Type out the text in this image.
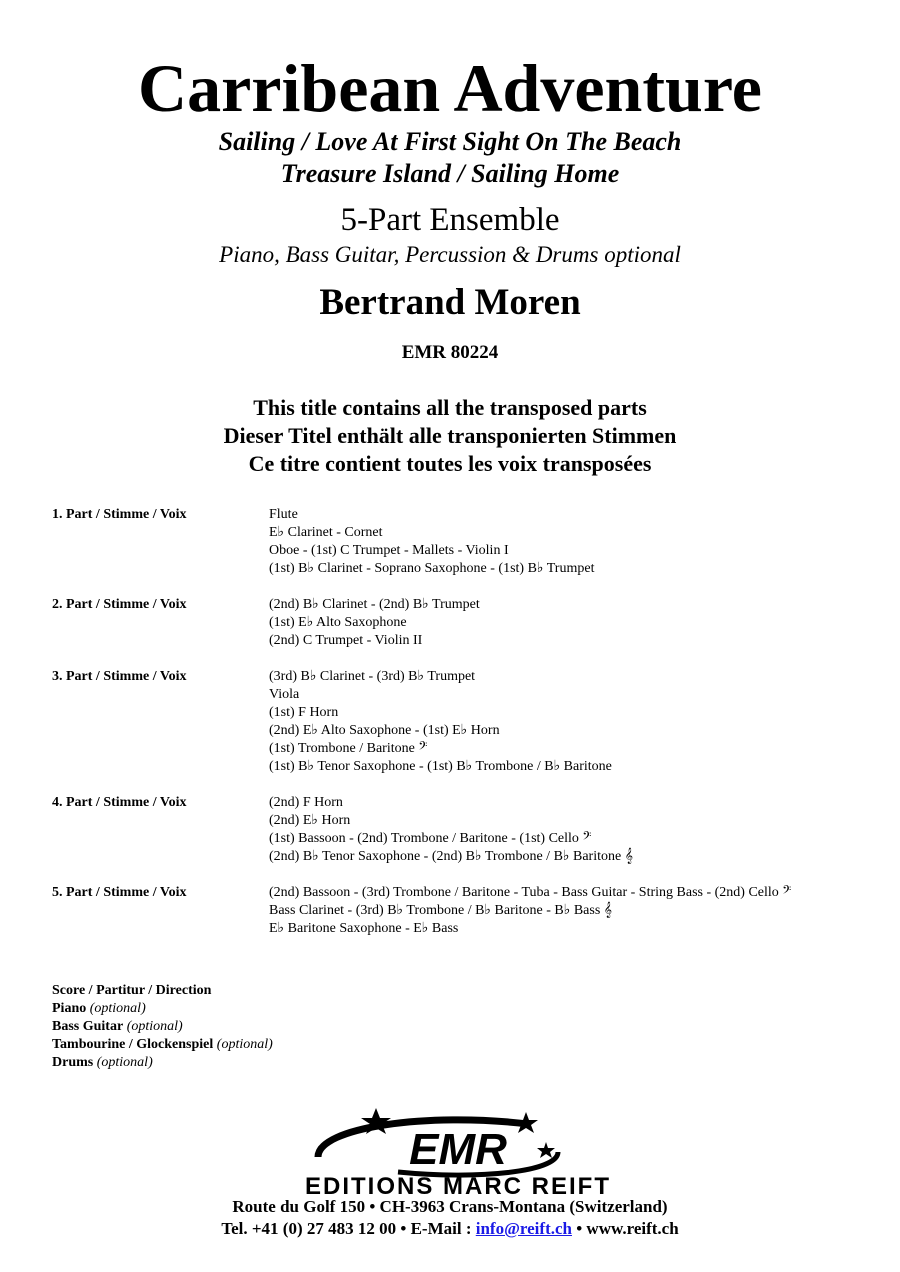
Carribean Adventure
Sailing / Love At First Sight On The Beach
Treasure Island / Sailing Home
5-Part Ensemble
Piano, Bass Guitar, Percussion & Drums optional
Bertrand Moren
EMR 80224
This title contains all the transposed parts
Dieser Titel enthält alle transponierten Stimmen
Ce titre contient toutes les voix transposées
1. Part / Stimme / Voix	Flute
E♭ Clarinet - Cornet
Oboe - (1st) C Trumpet - Mallets - Violin I
(1st) B♭ Clarinet - Soprano Saxophone - (1st) B♭ Trumpet
2. Part / Stimme / Voix	(2nd) B♭ Clarinet - (2nd) B♭ Trumpet
(1st) E♭ Alto Saxophone
(2nd) C Trumpet - Violin II
3. Part / Stimme / Voix	(3rd) B♭ Clarinet - (3rd) B♭ Trumpet
Viola
(1st) F Horn
(2nd) E♭ Alto Saxophone - (1st) E♭ Horn
(1st) Trombone / Baritone 𝄢
(1st) B♭ Tenor Saxophone - (1st) B♭ Trombone / B♭ Baritone
4. Part / Stimme / Voix	(2nd) F Horn
(2nd) E♭ Horn
(1st) Bassoon - (2nd) Trombone / Baritone - (1st) Cello 𝄢
(2nd) B♭ Tenor Saxophone - (2nd) B♭ Trombone / B♭ Baritone 𝄞
5. Part / Stimme / Voix	(2nd) Bassoon - (3rd) Trombone / Baritone - Tuba - Bass Guitar - String Bass - (2nd) Cello 𝄢
Bass Clarinet - (3rd) B♭ Trombone / B♭ Baritone - B♭ Bass 𝄞
E♭ Baritone Saxophone - E♭ Bass
Score / Partitur / Direction
Piano (optional)
Bass Guitar (optional)
Tambourine / Glockenspiel (optional)
Drums (optional)
EMR
EDITIONS MARC REIFT
Route du Golf 150 • CH-3963 Crans-Montana (Switzerland)
Tel. +41 (0) 27 483 12 00 • E-Mail : info@reift.ch • www.reift.ch
